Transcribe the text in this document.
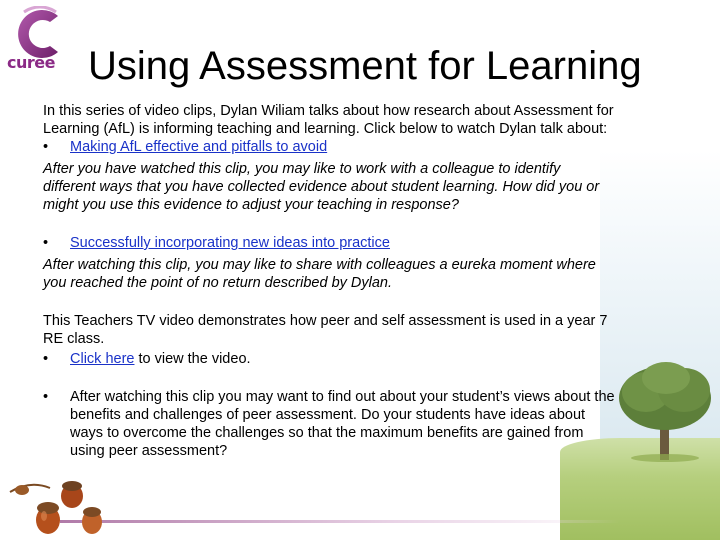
curee Using Assessment for Learning

In this series of video clips, Dylan Wiliam talks about how research about Assessment for Learning (AfL) is informing teaching and learning. Click below to watch Dylan talk about:

•	Making AfL effective and pitfalls to avoid

After you have watched this clip, you may like to work with a colleague to identify different ways that you have collected evidence about student learning. How did you or might you use this evidence to adjust your teaching in response?

•	Successfully incorporating new ideas into practice

After watching this clip, you may like to share with colleagues a eureka moment where you reached the point of no return described by Dylan.

This Teachers TV video demonstrates how peer and self assessment is used in a year 7 RE class.

•	Click here to view the video.
•	After watching this clip you may want to find out about your student’s views about the benefits and challenges of peer assessment. Do your students have ideas about ways to overcome the challenges so that the maximum benefits are gained from using peer assessment?
